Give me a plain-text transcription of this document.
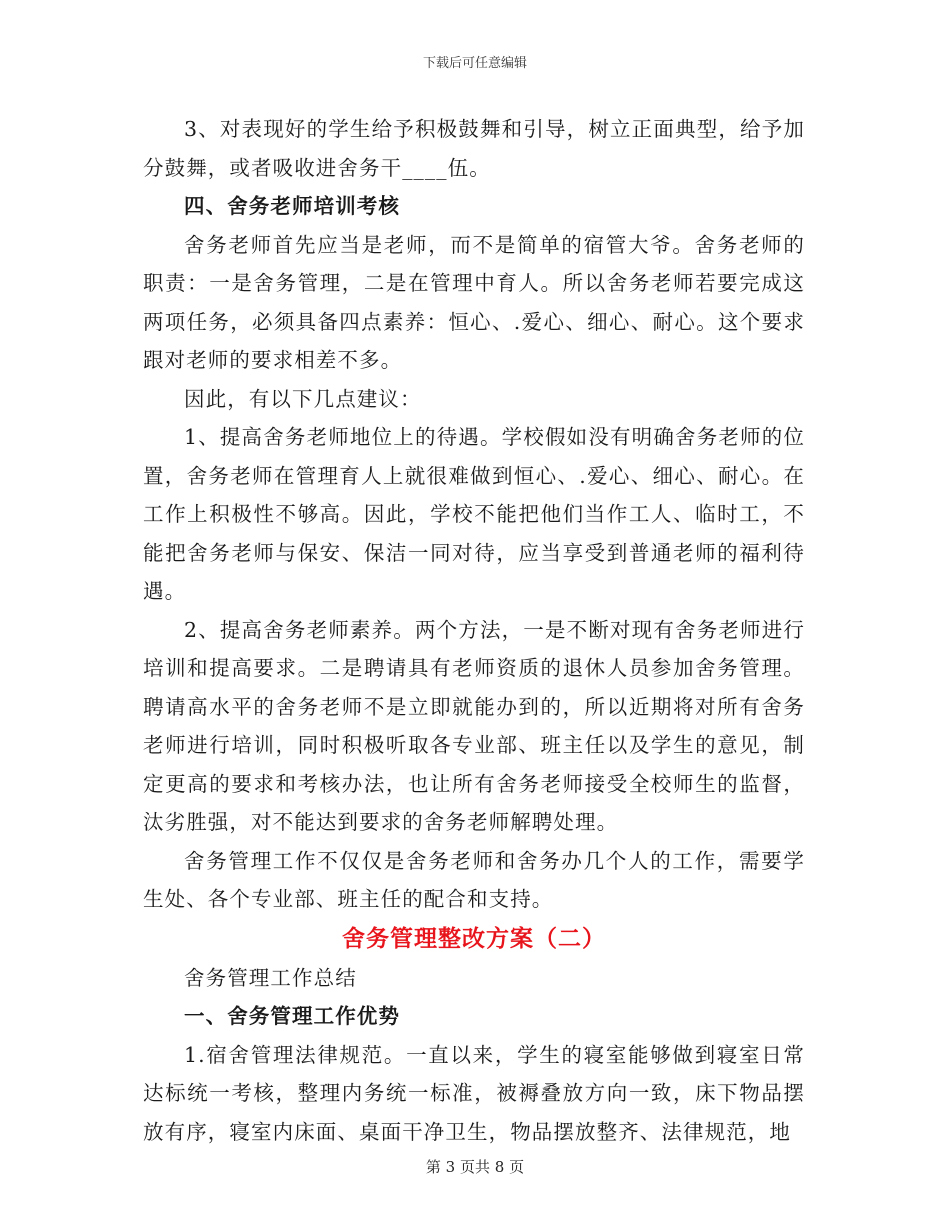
下载后可任意编辑

3、对表现好的学生给予积极鼓舞和引导，树立正面典型，给予加分鼓舞，或者吸收进舍务干____伍。

四、舍务老师培训考核

舍务老师首先应当是老师，而不是简单的宿管大爷。舍务老师的职责：一是舍务管理，二是在管理中育人。所以舍务老师若要完成这两项任务，必须具备四点素养：恒心、.爱心、细心、耐心。这个要求跟对老师的要求相差不多。

因此，有以下几点建议：

1、提高舍务老师地位上的待遇。学校假如没有明确舍务老师的位置，舍务老师在管理育人上就很难做到恒心、.爱心、细心、耐心。在工作上积极性不够高。因此，学校不能把他们当作工人、临时工，不能把舍务老师与保安、保洁一同对待，应当享受到普通老师的福利待遇。

2、提高舍务老师素养。两个方法，一是不断对现有舍务老师进行培训和提高要求。二是聘请具有老师资质的退休人员参加舍务管理。聘请高水平的舍务老师不是立即就能办到的，所以近期将对所有舍务老师进行培训，同时积极听取各专业部、班主任以及学生的意见，制定更高的要求和考核办法，也让所有舍务老师接受全校师生的监督，汰劣胜强，对不能达到要求的舍务老师解聘处理。

舍务管理工作不仅仅是舍务老师和舍务办几个人的工作，需要学生处、各个专业部、班主任的配合和支持。

舍务管理整改方案（二）

舍务管理工作总结

一、舍务管理工作优势

1.宿舍管理法律规范。一直以来，学生的寝室能够做到寝室日常达标统一考核，整理内务统一标准，被褥叠放方向一致，床下物品摆放有序，寝室内床面、桌面干净卫生，物品摆放整齐、法律规范，地

第 3 页共 8 页
